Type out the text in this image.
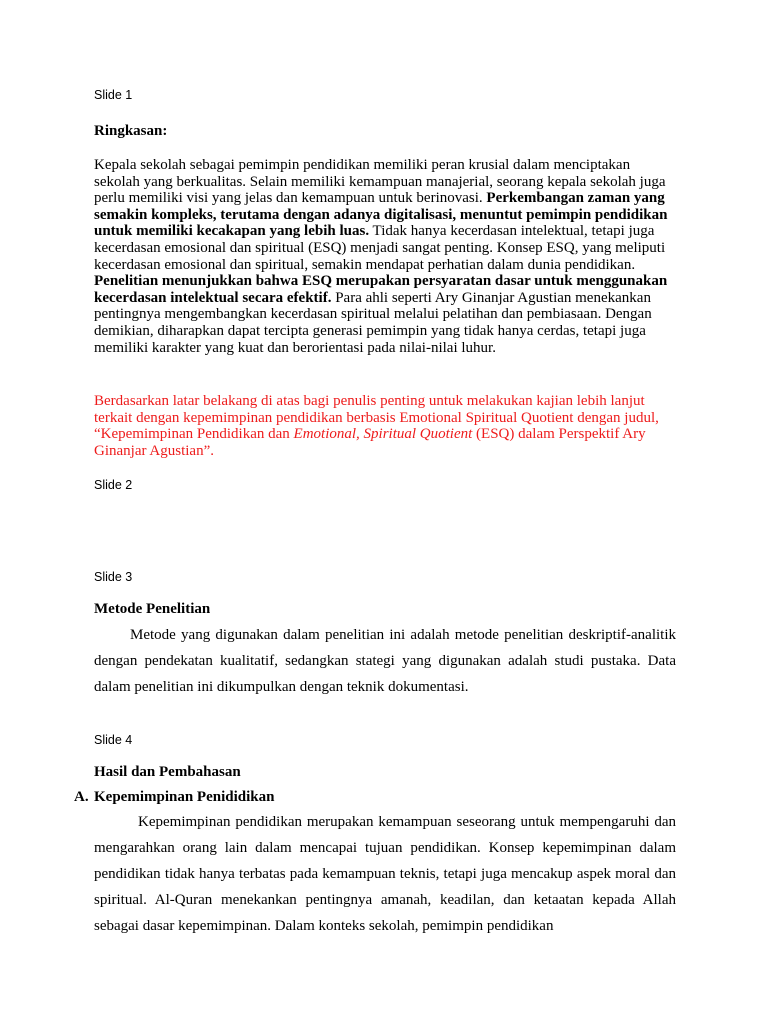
Slide 1
Ringkasan:
Kepala sekolah sebagai pemimpin pendidikan memiliki peran krusial dalam menciptakan sekolah yang berkualitas. Selain memiliki kemampuan manajerial, seorang kepala sekolah juga perlu memiliki visi yang jelas dan kemampuan untuk berinovasi. Perkembangan zaman yang semakin kompleks, terutama dengan adanya digitalisasi, menuntut pemimpin pendidikan untuk memiliki kecakapan yang lebih luas. Tidak hanya kecerdasan intelektual, tetapi juga kecerdasan emosional dan spiritual (ESQ) menjadi sangat penting. Konsep ESQ, yang meliputi kecerdasan emosional dan spiritual, semakin mendapat perhatian dalam dunia pendidikan. Penelitian menunjukkan bahwa ESQ merupakan persyaratan dasar untuk menggunakan kecerdasan intelektual secara efektif. Para ahli seperti Ary Ginanjar Agustian menekankan pentingnya mengembangkan kecerdasan spiritual melalui pelatihan dan pembiasaan. Dengan demikian, diharapkan dapat tercipta generasi pemimpin yang tidak hanya cerdas, tetapi juga memiliki karakter yang kuat dan berorientasi pada nilai-nilai luhur.
Berdasarkan latar belakang di atas bagi penulis penting untuk melakukan kajian lebih lanjut terkait dengan kepemimpinan pendidikan berbasis Emotional Spiritual Quotient dengan judul, “Kepemimpinan Pendidikan dan Emotional, Spiritual Quotient (ESQ) dalam Perspektif Ary Ginanjar Agustian”.
Slide 2
Slide 3
Metode Penelitian
Metode yang digunakan dalam penelitian ini adalah metode penelitian deskriptif-analitik dengan pendekatan kualitatif, sedangkan stategi yang digunakan adalah studi pustaka. Data dalam penelitian ini dikumpulkan dengan teknik dokumentasi.
Slide 4
Hasil dan Pembahasan
A. Kepemimpinan Penididikan
Kepemimpinan pendidikan merupakan kemampuan seseorang untuk mempengaruhi dan mengarahkan orang lain dalam mencapai tujuan pendidikan. Konsep kepemimpinan dalam pendidikan tidak hanya terbatas pada kemampuan teknis, tetapi juga mencakup aspek moral dan spiritual. Al-Quran menekankan pentingnya amanah, keadilan, dan ketaatan kepada Allah sebagai dasar kepemimpinan. Dalam konteks sekolah, pemimpin pendidikan
